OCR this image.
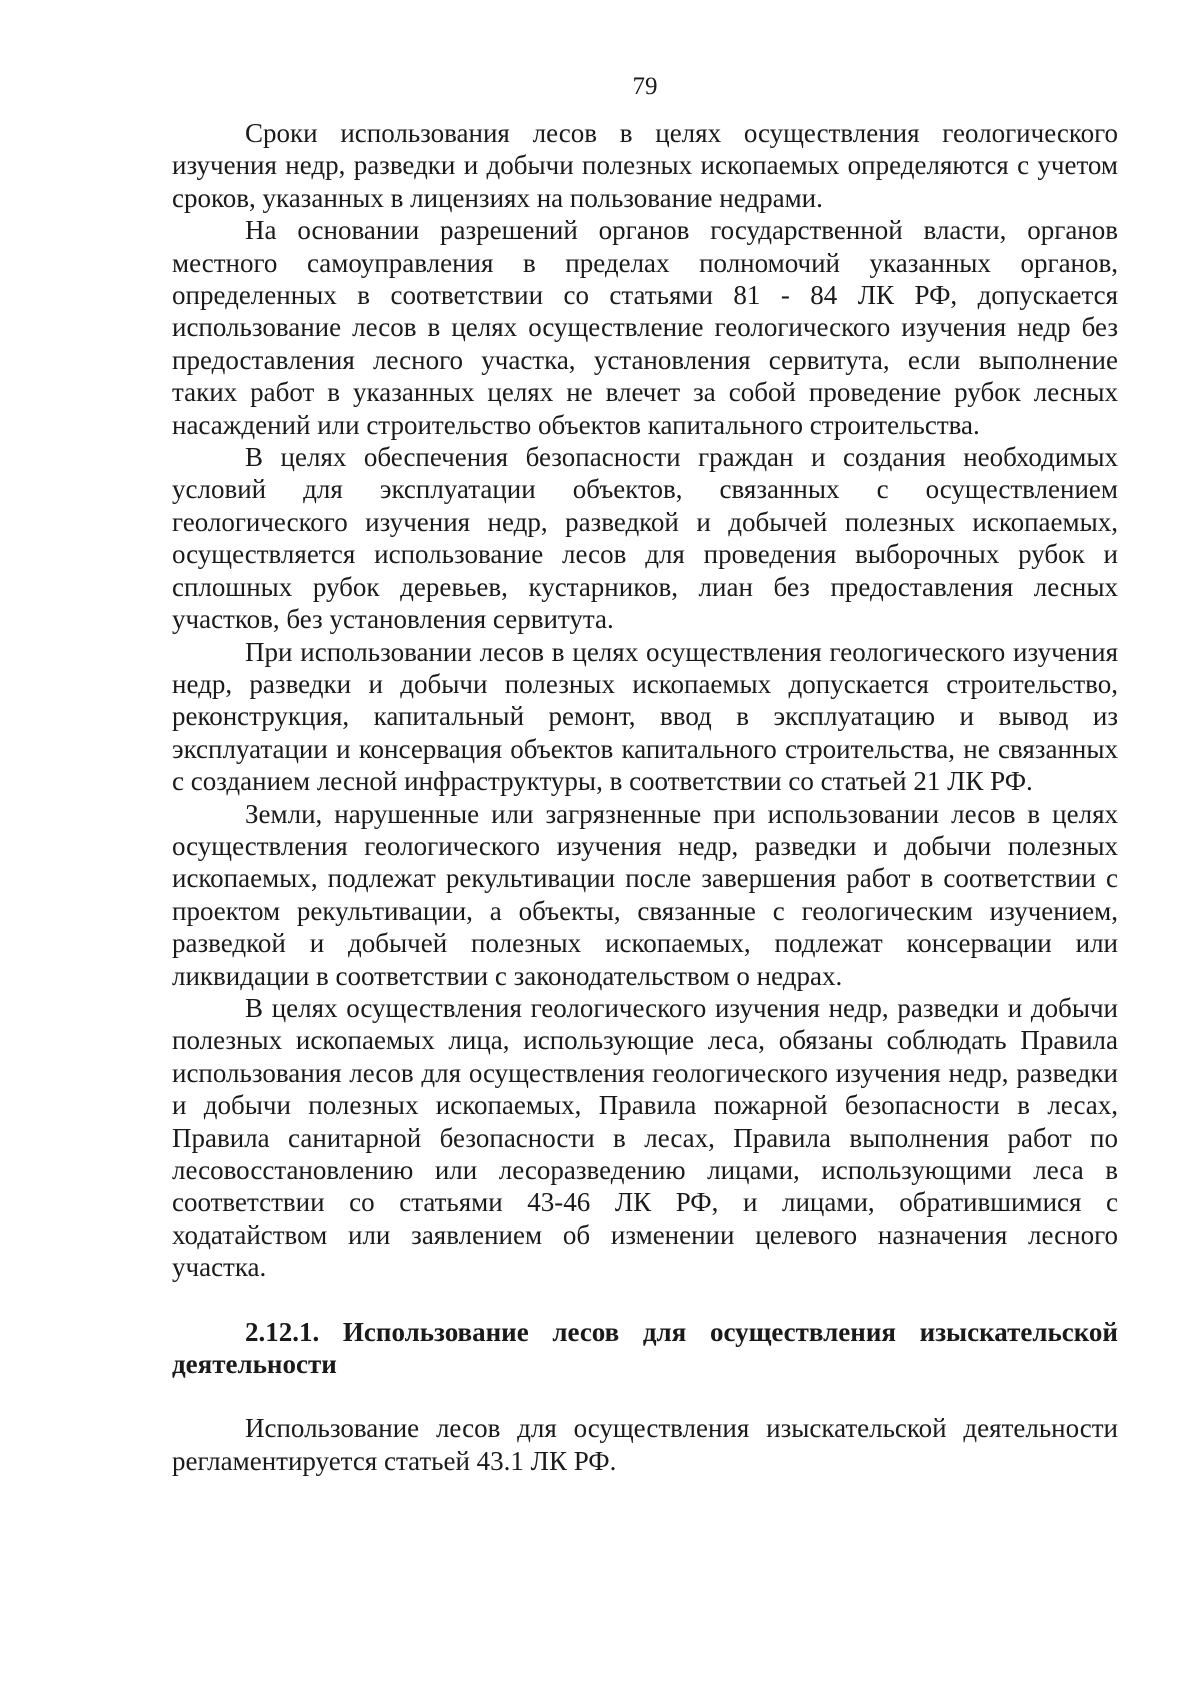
79

Сроки использования лесов в целях осуществления геологического изучения недр, разведки и добычи полезных ископаемых определяются с учетом сроков, указанных в лицензиях на пользование недрами.

На основании разрешений органов государственной власти, органов местного самоуправления в пределах полномочий указанных органов, определенных в соответствии со статьями 81 - 84 ЛК РФ, допускается использование лесов в целях осуществление геологического изучения недр без предоставления лесного участка, установления сервитута, если выполнение таких работ в указанных целях не влечет за собой проведение рубок лесных насаждений или строительство объектов капитального строительства.

В целях обеспечения безопасности граждан и создания необходимых условий для эксплуатации объектов, связанных с осуществлением геологического изучения недр, разведкой и добычей полезных ископаемых, осуществляется использование лесов для проведения выборочных рубок и сплошных рубок деревьев, кустарников, лиан без предоставления лесных участков, без установления сервитута.

При использовании лесов в целях осуществления геологического изучения недр, разведки и добычи полезных ископаемых допускается строительство, реконструкция, капитальный ремонт, ввод в эксплуатацию и вывод из эксплуатации и консервация объектов капитального строительства, не связанных с созданием лесной инфраструктуры, в соответствии со статьей 21 ЛК РФ.

Земли, нарушенные или загрязненные при использовании лесов в целях осуществления геологического изучения недр, разведки и добычи полезных ископаемых, подлежат рекультивации после завершения работ в соответствии с проектом рекультивации, а объекты, связанные с геологическим изучением, разведкой и добычей полезных ископаемых, подлежат консервации или ликвидации в соответствии с законодательством о недрах.

В целях осуществления геологического изучения недр, разведки и добычи полезных ископаемых лица, использующие леса, обязаны соблюдать Правила использования лесов для осуществления геологического изучения недр, разведки и добычи полезных ископаемых, Правила пожарной безопасности в лесах, Правила санитарной безопасности в лесах, Правила выполнения работ по лесовосстановлению или лесоразведению лицами, использующими леса в соответствии со статьями 43-46 ЛК РФ, и лицами, обратившимися с ходатайством или заявлением об изменении целевого назначения лесного участка.

2.12.1. Использование лесов для осуществления изыскательской деятельности

Использование лесов для осуществления изыскательской деятельности регламентируется статьей 43.1 ЛК РФ.
